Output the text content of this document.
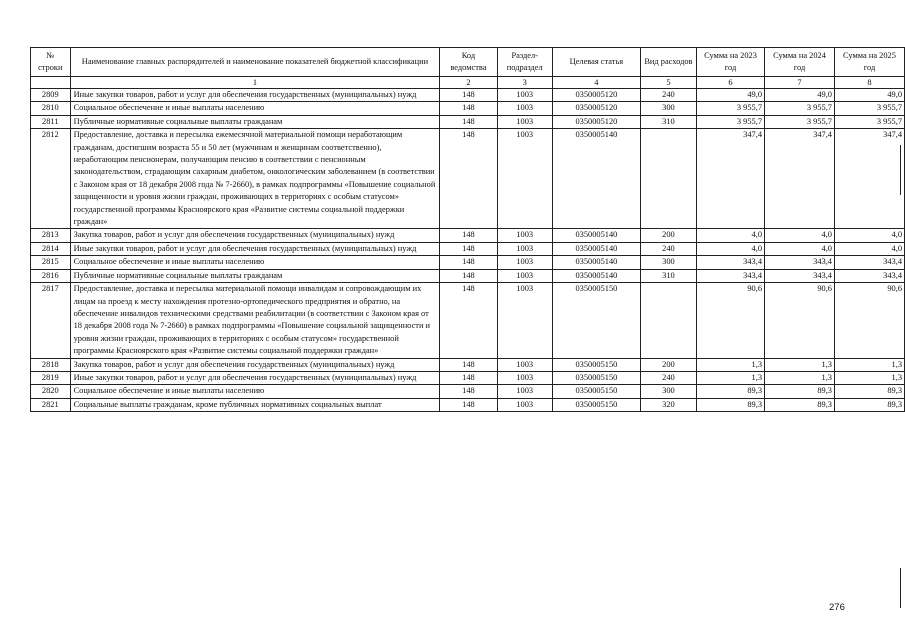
№ строки	Наименование главных распорядителей и наименование показателей бюджетной классификации	Код ведомства	Раздел-подраздел	Целевая статья	Вид расходов	Сумма на 2023 год	Сумма на 2024 год	Сумма на 2025 год
	1	2	3	4	5	6	7	8
2809	Иные закупки товаров, работ и услуг для обеспечения государственных (муниципальных) нужд	148	1003	0350005120	240	49,0	49,0	49,0
2810	Социальное обеспечение и иные выплаты населению	148	1003	0350005120	300	3 955,7	3 955,7	3 955,7
2811	Публичные нормативные социальные выплаты гражданам	148	1003	0350005120	310	3 955,7	3 955,7	3 955,7
2812	Предоставление, доставка и пересылка ежемесячной материальной помощи неработающим гражданам, достигшим возраста 55 и 50 лет (мужчинам и женщинам соответственно), неработающим пенсионерам, получающим пенсию в соответствии с пенсионным законодательством, страдающим сахарным диабетом, онкологическим заболеванием (в соответствии с Законом края от 18 декабря 2008 года № 7-2660), в рамках подпрограммы «Повышение социальной защищенности и уровня жизни граждан, проживающих в территориях с особым статусом» государственной программы Красноярского края «Развитие системы социальной поддержки граждан»	148	1003	0350005140		347,4	347,4	347,4
2813	Закупка товаров, работ и услуг для обеспечения государственных (муниципальных) нужд	148	1003	0350005140	200	4,0	4,0	4,0
2814	Иные закупки товаров, работ и услуг для обеспечения государственных (муниципальных) нужд	148	1003	0350005140	240	4,0	4,0	4,0
2815	Социальное обеспечение и иные выплаты населению	148	1003	0350005140	300	343,4	343,4	343,4
2816	Публичные нормативные социальные выплаты гражданам	148	1003	0350005140	310	343,4	343,4	343,4
2817	Предоставление, доставка и пересылка материальной помощи инвалидам и сопровождающим их лицам на проезд к месту нахождения протезно-ортопедического предприятия и обратно, на обеспечение инвалидов техническими средствами реабилитации (в соответствии с Законом края от 18 декабря 2008 года № 7-2660) в рамках подпрограммы «Повышение социальной защищенности и уровня жизни граждан, проживающих в территориях с особым статусом» государственной программы Красноярского края «Развитие системы социальной поддержки граждан»	148	1003	0350005150		90,6	90,6	90,6
2818	Закупка товаров, работ и услуг для обеспечения государственных (муниципальных) нужд	148	1003	0350005150	200	1,3	1,3	1,3
2819	Иные закупки товаров, работ и услуг для обеспечения государственных (муниципальных) нужд	148	1003	0350005150	240	1,3	1,3	1,3
2820	Социальное обеспечение и иные выплаты населению	148	1003	0350005150	300	89,3	89,3	89,3
2821	Социальные выплаты гражданам, кроме публичных нормативных социальных выплат	148	1003	0350005150	320	89,3	89,3	89,3
276
